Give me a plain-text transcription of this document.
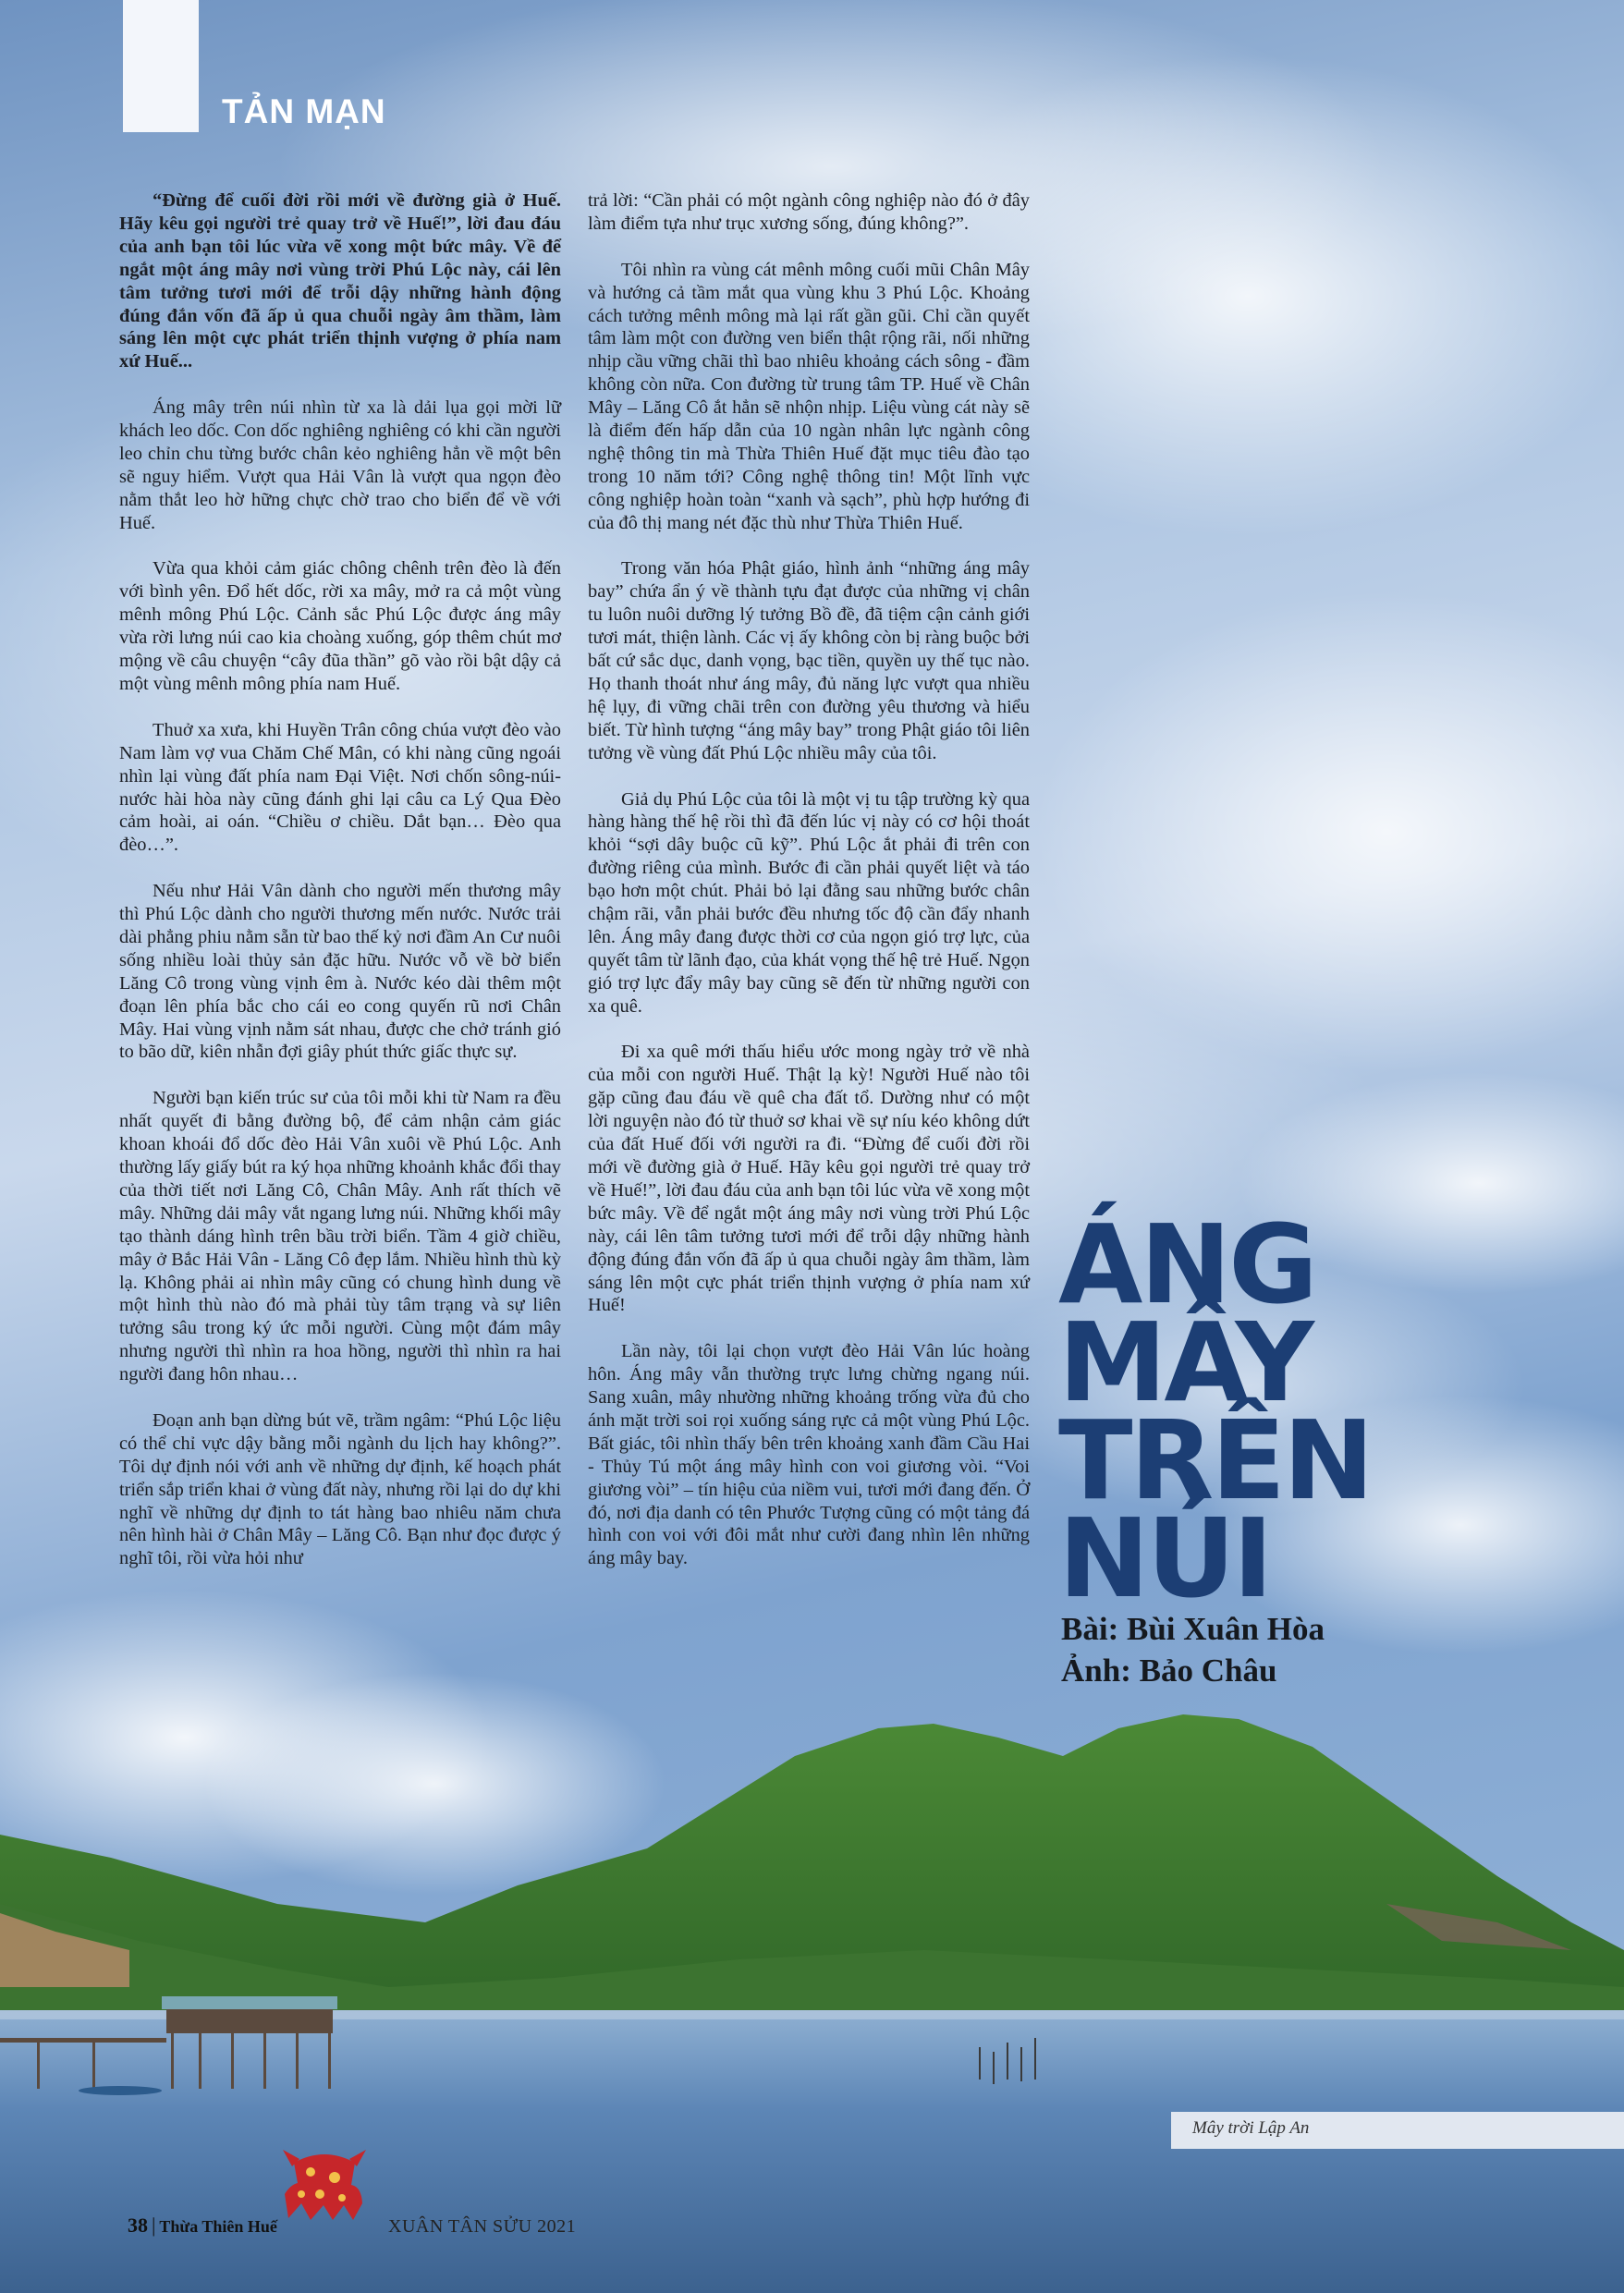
TẢN MẠN

“Đừng để cuối đời rồi mới về đường già ở Huế. Hãy kêu gọi người trẻ quay trở về Huế!”, lời đau đáu của anh bạn tôi lúc vừa vẽ xong một bức mây. Về để ngắt một áng mây nơi vùng trời Phú Lộc này, cái lên tâm tưởng tươi mới để trỗi dậy những hành động đúng đắn vốn đã ấp ủ qua chuỗi ngày âm thầm, làm sáng lên một cực phát triển thịnh vượng ở phía nam xứ Huế...

Áng mây trên núi nhìn từ xa là dải lụa gọi mời lữ khách leo dốc. Con dốc nghiêng nghiêng có khi cần người leo chỉn chu từng bước chân kẻo nghiêng hẳn về một bên sẽ nguy hiểm. Vượt qua Hải Vân là vượt qua ngọn đèo nằm thắt leo hờ hững chực chờ trao cho biển để về với Huế.

Vừa qua khỏi cảm giác chông chênh trên đèo là đến với bình yên. Đổ hết dốc, rời xa mây, mở ra cả một vùng mênh mông Phú Lộc. Cảnh sắc Phú Lộc được áng mây vừa rời lưng núi cao kia choàng xuống, góp thêm chút mơ mộng về câu chuyện “cây đũa thần” gõ vào rồi bật dậy cả một vùng mênh mông phía nam Huế.

Thuở xa xưa, khi Huyền Trân công chúa vượt đèo vào Nam làm vợ vua Chăm Chế Mân, có khi nàng cũng ngoái nhìn lại vùng đất phía nam Đại Việt. Nơi chốn sông-núi-nước hài hòa này cũng đánh ghi lại câu ca Lý Qua Đèo cảm hoài, ai oán. “Chiều ơ chiều. Dắt bạn… Đèo qua đèo…”.

Nếu như Hải Vân dành cho người mến thương mây thì Phú Lộc dành cho người thương mến nước. Nước trải dài phẳng phiu nằm sẵn từ bao thế kỷ nơi đầm An Cư nuôi sống nhiều loài thủy sản đặc hữu. Nước vỗ về bờ biển Lăng Cô trong vùng vịnh êm à. Nước kéo dài thêm một đoạn lên phía bắc cho cái eo cong quyến rũ nơi Chân Mây. Hai vùng vịnh nằm sát nhau, được che chở tránh gió to bão dữ, kiên nhẫn đợi giây phút thức giấc thực sự.

Người bạn kiến trúc sư của tôi mỗi khi từ Nam ra đều nhất quyết đi bằng đường bộ, để cảm nhận cảm giác khoan khoái đổ dốc đèo Hải Vân xuôi về Phú Lộc. Anh thường lấy giấy bút ra ký họa những khoảnh khắc đổi thay của thời tiết nơi Lăng Cô, Chân Mây. Anh rất thích vẽ mây. Những dải mây vắt ngang lưng núi. Những khối mây tạo thành dáng hình trên bầu trời biển. Tầm 4 giờ chiều, mây ở Bắc Hải Vân - Lăng Cô đẹp lắm. Nhiều hình thù kỳ lạ. Không phải ai nhìn mây cũng có chung hình dung về một hình thù nào đó mà phải tùy tâm trạng và sự liên tưởng sâu trong ký ức mỗi người. Cùng một đám mây nhưng người thì nhìn ra hoa hồng, người thì nhìn ra hai người đang hôn nhau…

Đoạn anh bạn dừng bút vẽ, trầm ngâm: “Phú Lộc liệu có thể chỉ vực dậy bằng mỗi ngành du lịch hay không?”. Tôi dự định nói với anh về những dự định, kế hoạch phát triển sắp triển khai ở vùng đất này, nhưng rồi lại do dự khi nghĩ về những dự định to tát hàng bao nhiêu năm chưa nên hình hài ở Chân Mây – Lăng Cô. Bạn như đọc được ý nghĩ tôi, rồi vừa hỏi như

trả lời: “Cần phải có một ngành công nghiệp nào đó ở đây làm điểm tựa như trục xương sống, đúng không?”.

Tôi nhìn ra vùng cát mênh mông cuối mũi Chân Mây và hướng cả tầm mắt qua vùng khu 3 Phú Lộc. Khoảng cách tưởng mênh mông mà lại rất gần gũi. Chỉ cần quyết tâm làm một con đường ven biển thật rộng rãi, nối những nhịp cầu vững chãi thì bao nhiêu khoảng cách sông - đầm không còn nữa. Con đường từ trung tâm TP. Huế về Chân Mây – Lăng Cô ắt hẳn sẽ nhộn nhịp. Liệu vùng cát này sẽ là điểm đến hấp dẫn của 10 ngàn nhân lực ngành công nghệ thông tin mà Thừa Thiên Huế đặt mục tiêu đào tạo trong 10 năm tới? Công nghệ thông tin! Một lĩnh vực công nghiệp hoàn toàn “xanh và sạch”, phù hợp hướng đi của đô thị mang nét đặc thù như Thừa Thiên Huế.

Trong văn hóa Phật giáo, hình ảnh “những áng mây bay” chứa ẩn ý về thành tựu đạt được của những vị chân tu luôn nuôi dưỡng lý tưởng Bồ đề, đã tiệm cận cảnh giới tươi mát, thiện lành. Các vị ấy không còn bị ràng buộc bởi bất cứ sắc dục, danh vọng, bạc tiền, quyền uy thế tục nào. Họ thanh thoát như áng mây, đủ năng lực vượt qua nhiều hệ lụy, đi vững chãi trên con đường yêu thương và hiểu biết. Từ hình tượng “áng mây bay” trong Phật giáo tôi liên tưởng về vùng đất Phú Lộc nhiều mây của tôi.

Giả dụ Phú Lộc của tôi là một vị tu tập trường kỳ qua hàng hàng thế hệ rồi thì đã đến lúc vị này có cơ hội thoát khỏi “sợi dây buộc cũ kỹ”. Phú Lộc ắt phải đi trên con đường riêng của mình. Bước đi cần phải quyết liệt và táo bạo hơn một chút. Phải bỏ lại đằng sau những bước chân chậm rãi, vẫn phải bước đều nhưng tốc độ cần đẩy nhanh lên. Áng mây đang được thời cơ của ngọn gió trợ lực, của quyết tâm từ lãnh đạo, của khát vọng thế hệ trẻ Huế. Ngọn gió trợ lực đẩy mây bay cũng sẽ đến từ những người con xa quê.

Đi xa quê mới thấu hiểu ước mong ngày trở về nhà của mỗi con người Huế. Thật lạ kỳ! Người Huế nào tôi gặp cũng đau đáu về quê cha đất tổ. Dường như có một lời nguyện nào đó từ thuở sơ khai về sự níu kéo không dứt của đất Huế đối với người ra đi. “Đừng để cuối đời rồi mới về đường già ở Huế. Hãy kêu gọi người trẻ quay trở về Huế!”, lời đau đáu của anh bạn tôi lúc vừa vẽ xong một bức mây. Về để ngắt một áng mây nơi vùng trời Phú Lộc này, cái lên tâm tưởng tươi mới để trỗi dậy những hành động đúng đắn vốn đã ấp ủ qua chuỗi ngày âm thầm, làm sáng lên một cực phát triển thịnh vượng ở phía nam xứ Huế!

Lần này, tôi lại chọn vượt đèo Hải Vân lúc hoàng hôn. Áng mây vẫn thường trực lưng chừng ngang núi. Sang xuân, mây nhường những khoảng trống vừa đủ cho ánh mặt trời soi rọi xuống sáng rực cả một vùng Phú Lộc. Bất giác, tôi nhìn thấy bên trên khoảng xanh đầm Cầu Hai - Thủy Tú một áng mây hình con voi giương vòi. “Voi giương vòi” – tín hiệu của niềm vui, tươi mới đang đến. Ở đó, nơi địa danh có tên Phước Tượng cũng có một tảng đá hình con voi với đôi mắt như cười đang nhìn lên những áng mây bay.

ÁNG
MÂY
TRÊN
NÚI
Bài: Bùi Xuân Hòa
Ảnh: Bảo Châu
Mây trời Lập An
38 | Thừa Thiên Huế	XUÂN TÂN SỬU 2021
